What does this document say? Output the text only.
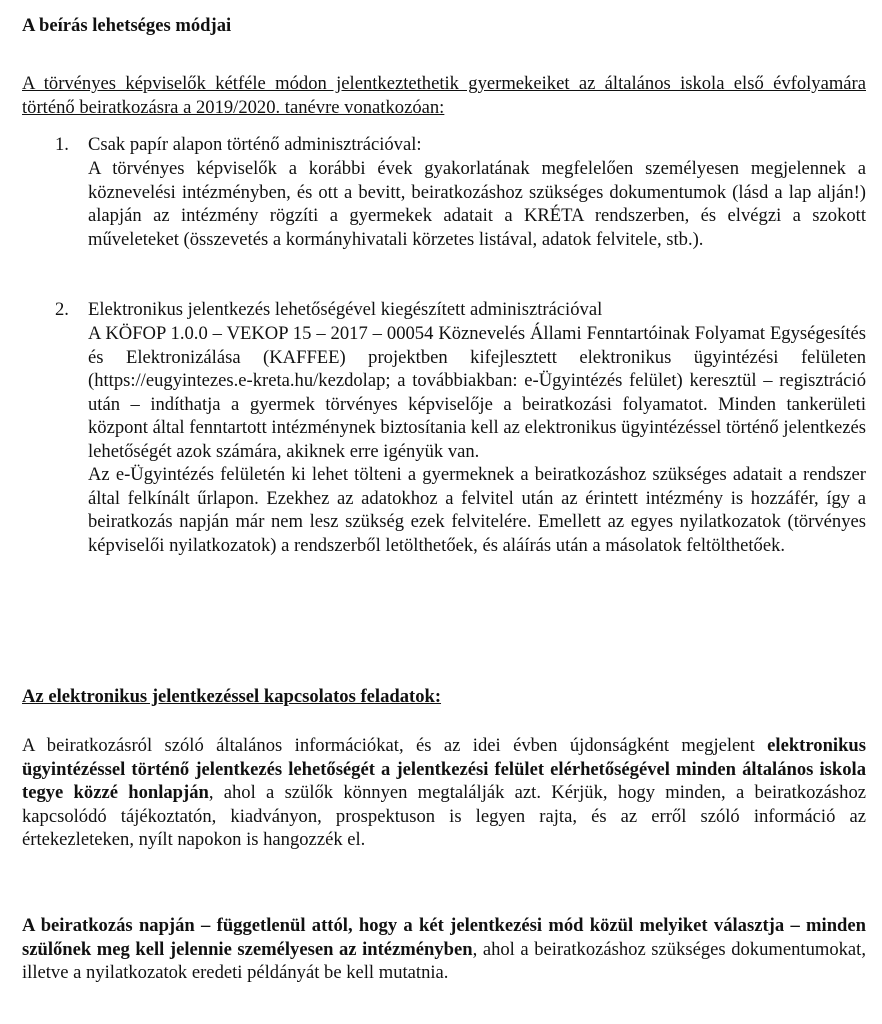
A beírás lehetséges módjai
A törvényes képviselők kétféle módon jelentkeztethetik gyermekeiket az általános iskola első évfolyamára történő beiratkozásra a 2019/2020. tanévre vonatkozóan:
1. Csak papír alapon történő adminisztrációval:

A törvényes képviselők a korábbi évek gyakorlatának megfelelően személyesen megjelennek a köznevelési intézményben, és ott a bevitt, beiratkozáshoz szükséges dokumentumok (lásd a lap alján!) alapján az intézmény rögzíti a gyermekek adatait a KRÉTA rendszerben, és elvégzi a szokott műveleteket (összevetés a kormányhivatali körzetes listával, adatok felvitele, stb.).

2. Elektronikus jelentkezés lehetőségével kiegészített adminisztrációval

A KÖFOP 1.0.0 – VEKOP 15 – 2017 – 00054 Köznevelés Állami Fenntartóinak Folyamat Egységesítés és Elektronizálása (KAFFEE) projektben kifejlesztett elektronikus ügyintézési felületen (https://eugyintezes.e-kreta.hu/kezdolap; a továbbiakban: e-Ügyintézés felület) keresztül – regisztráció után – indíthatja a gyermek törvényes képviselője a beiratkozási folyamatot. Minden tankerületi központ által fenntartott intézménynek biztosítania kell az elektronikus ügyintézéssel történő jelentkezés lehetőségét azok számára, akiknek erre igényük van.

Az e-Ügyintézés felületén ki lehet tölteni a gyermeknek a beiratkozáshoz szükséges adatait a rendszer által felkínált űrlapon. Ezekhez az adatokhoz a felvitel után az érintett intézmény is hozzáfér, így a beiratkozás napján már nem lesz szükség ezek felvitelére. Emellett az egyes nyilatkozatok (törvényes képviselői nyilatkozatok) a rendszerből letölthetőek, és aláírás után a másolatok feltölthetőek.

Az elektronikus jelentkezéssel kapcsolatos feladatok:

A beiratkozásról szóló általános információkat, és az idei évben újdonságként megjelent elektronikus ügyintézéssel történő jelentkezés lehetőségét a jelentkezési felület elérhetőségével minden általános iskola tegye közzé honlapján, ahol a szülők könnyen megtalálják azt. Kérjük, hogy minden, a beiratkozáshoz kapcsolódó tájékoztatón, kiadványon, prospektuson is legyen rajta, és az erről szóló információ az értekezleteken, nyílt napokon is hangozzék el.

A beiratkozás napján – függetlenül attól, hogy a két jelentkezési mód közül melyiket választja – minden szülőnek meg kell jelennie személyesen az intézményben, ahol a beiratkozáshoz szükséges dokumentumokat, illetve a nyilatkozatok eredeti példányát be kell mutatnia.
